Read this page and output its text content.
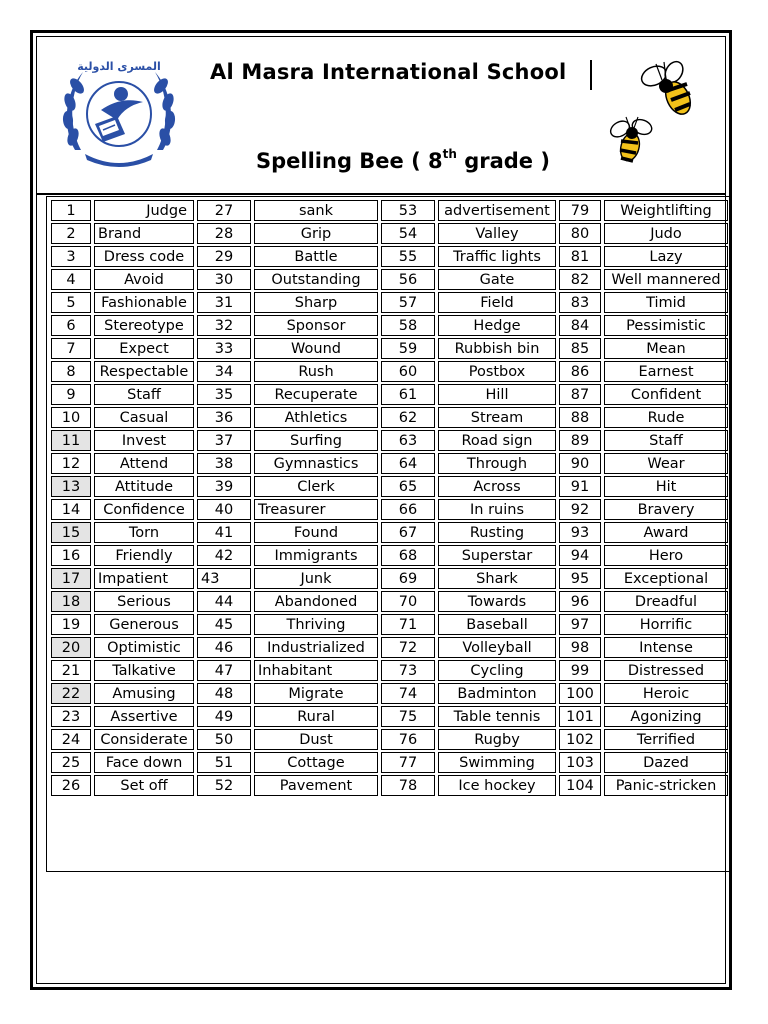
المسرى الدولية Al Masra International School
Spelling Bee ( 8th grade )
1	Judge	27	sank	53	advertisement	79	Weightlifting
2	Brand	28	Grip	54	Valley	80	Judo
3	Dress code	29	Battle	55	Traffic lights	81	Lazy
4	Avoid	30	Outstanding	56	Gate	82	Well mannered
5	Fashionable	31	Sharp	57	Field	83	Timid
6	Stereotype	32	Sponsor	58	Hedge	84	Pessimistic
7	Expect	33	Wound	59	Rubbish bin	85	Mean
8	Respectable	34	Rush	60	Postbox	86	Earnest
9	Staff	35	Recuperate	61	Hill	87	Confident
10	Casual	36	Athletics	62	Stream	88	Rude
11	Invest	37	Surfing	63	Road sign	89	Staff
12	Attend	38	Gymnastics	64	Through	90	Wear
13	Attitude	39	Clerk	65	Across	91	Hit
14	Confidence	40	Treasurer	66	In ruins	92	Bravery
15	Torn	41	Found	67	Rusting	93	Award
16	Friendly	42	Immigrants	68	Superstar	94	Hero
17	Impatient	43	Junk	69	Shark	95	Exceptional
18	Serious	44	Abandoned	70	Towards	96	Dreadful
19	Generous	45	Thriving	71	Baseball	97	Horrific
20	Optimistic	46	Industrialized	72	Volleyball	98	Intense
21	Talkative	47	Inhabitant	73	Cycling	99	Distressed
22	Amusing	48	Migrate	74	Badminton	100	Heroic
23	Assertive	49	Rural	75	Table tennis	101	Agonizing
24	Considerate	50	Dust	76	Rugby	102	Terrified
25	Face down	51	Cottage	77	Swimming	103	Dazed
26	Set off	52	Pavement	78	Ice hockey	104	Panic-stricken
